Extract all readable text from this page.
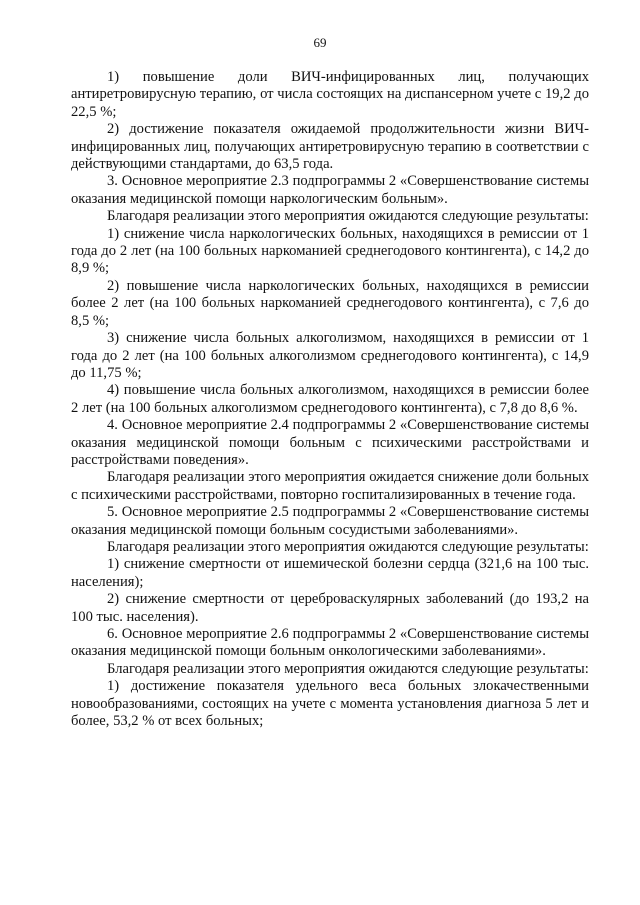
69

1) повышение доли ВИЧ-инфицированных лиц, получающих антиретровирусную терапию, от числа состоящих на диспансерном учете с 19,2 до 22,5 %;

2) достижение показателя ожидаемой продолжительности жизни ВИЧ-инфицированных лиц, получающих антиретровирусную терапию в соответствии с действующими стандартами, до 63,5 года.

3. Основное мероприятие 2.3 подпрограммы 2 «Совершенствование системы оказания медицинской помощи наркологическим больным».

Благодаря реализации этого мероприятия ожидаются следующие результаты:

1) снижение числа наркологических больных, находящихся в ремиссии от 1 года до 2 лет (на 100 больных наркоманией среднегодового контингента), с 14,2 до 8,9 %;

2) повышение числа наркологических больных, находящихся в ремиссии более 2 лет (на 100 больных наркоманией среднегодового контингента), с 7,6 до 8,5 %;

3) снижение числа больных алкоголизмом, находящихся в ремиссии от 1 года до 2 лет (на 100 больных алкоголизмом среднегодового контингента), с 14,9 до 11,75 %;

4) повышение числа больных алкоголизмом, находящихся в ремиссии более 2 лет (на 100 больных алкоголизмом среднегодового контингента), с 7,8 до 8,6 %.

4. Основное мероприятие 2.4 подпрограммы 2 «Совершенствование системы оказания медицинской помощи больным с психическими расстройствами и расстройствами поведения».

Благодаря реализации этого мероприятия ожидается снижение доли больных с психическими расстройствами, повторно госпитализированных в течение года.

5. Основное мероприятие 2.5 подпрограммы 2 «Совершенствование системы оказания медицинской помощи больным сосудистыми заболеваниями».

Благодаря реализации этого мероприятия ожидаются следующие результаты:

1) снижение смертности от ишемической болезни сердца (321,6 на 100 тыс. населения);

2) снижение смертности от цереброваскулярных заболеваний (до 193,2 на 100 тыс. населения).

6. Основное мероприятие 2.6 подпрограммы 2 «Совершенствование системы оказания медицинской помощи больным онкологическими заболеваниями».

Благодаря реализации этого мероприятия ожидаются следующие результаты:

1) достижение показателя удельного веса больных злокачественными новообразованиями, состоящих на учете с момента установления диагноза 5 лет и более, 53,2 % от всех больных;
